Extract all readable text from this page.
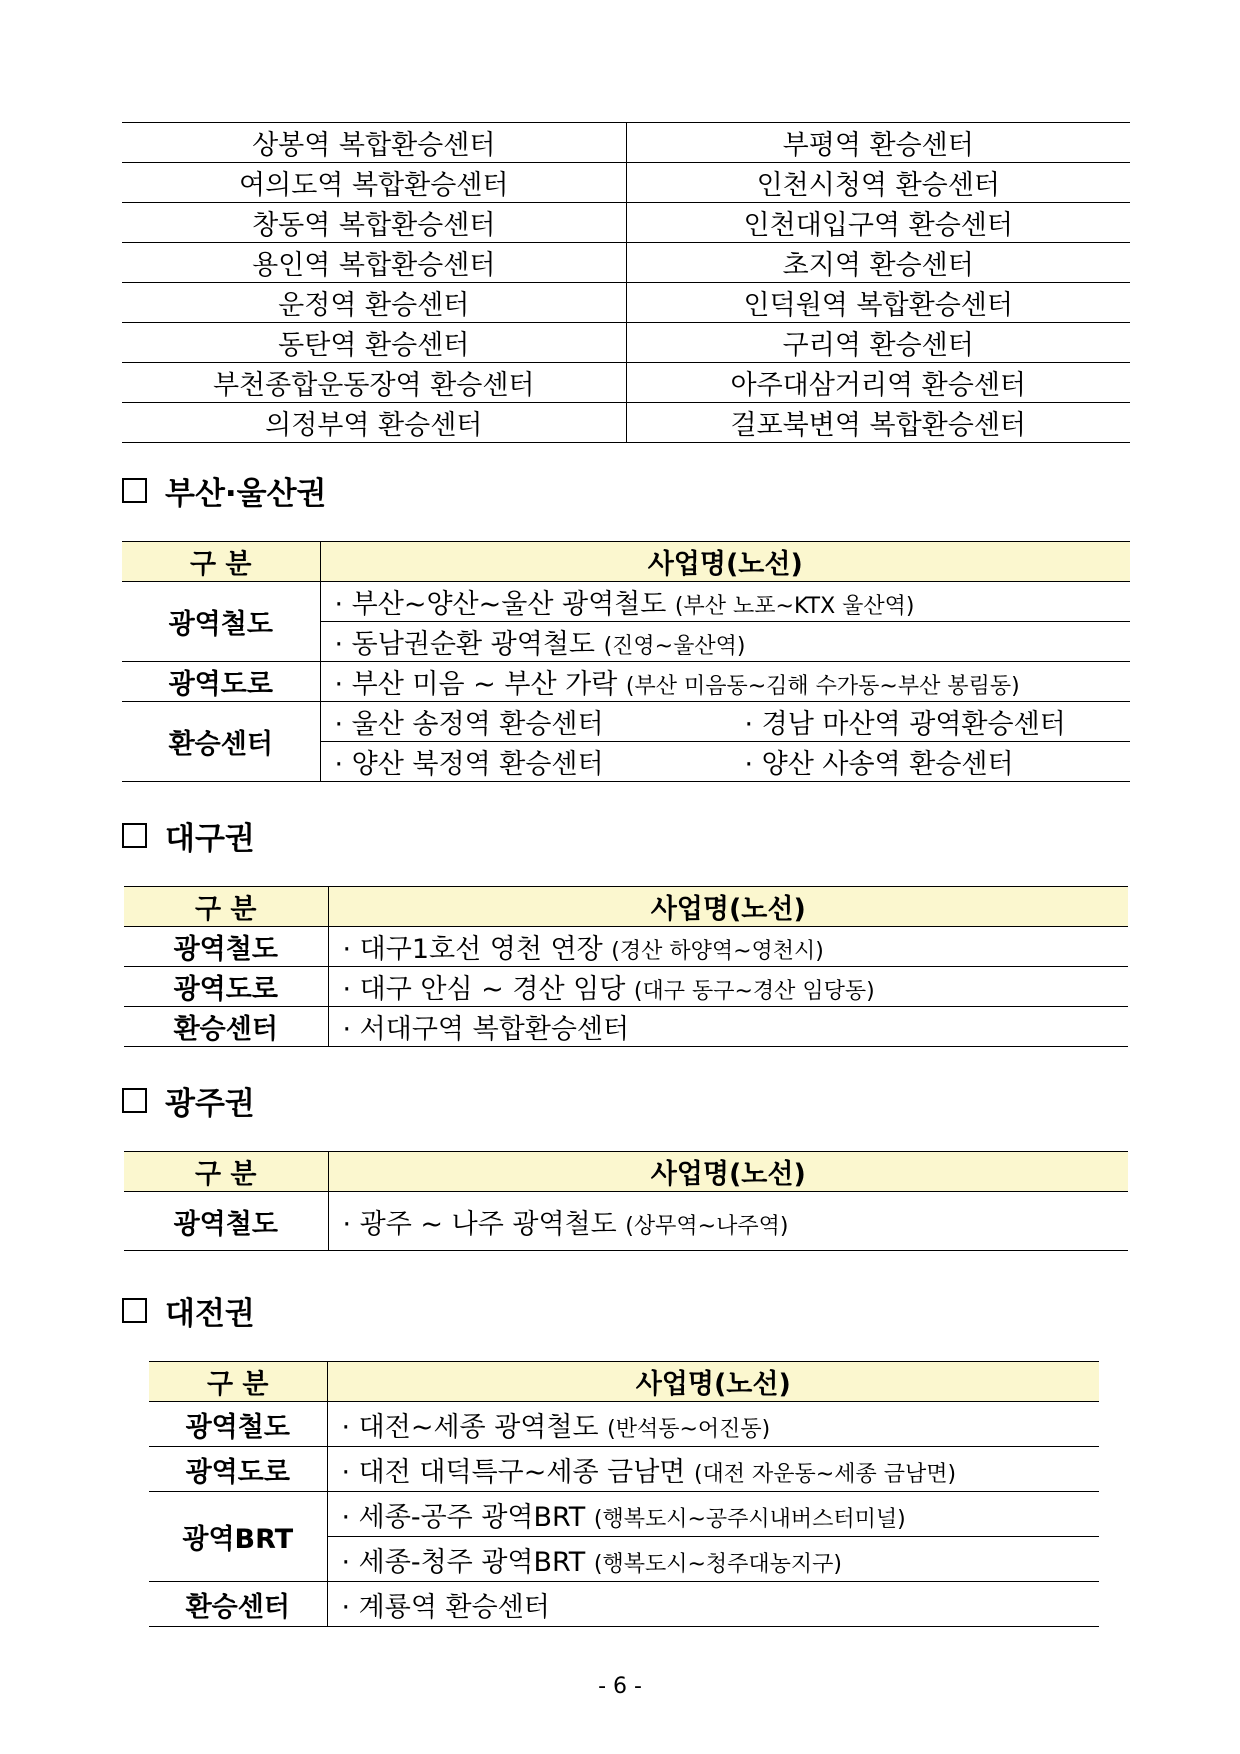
상봉역 복합환승센터	부평역 환승센터
여의도역 복합환승센터	인천시청역 환승센터
창동역 복합환승센터	인천대입구역 환승센터
용인역 복합환승센터	초지역 환승센터
운정역 환승센터	인덕원역 복합환승센터
동탄역 환승센터	구리역 환승센터
부천종합운동장역 환승센터	아주대삼거리역 환승센터
의정부역 환승센터	걸포북변역 복합환승센터
부산·울산권
구 분	사업명(노선)
광역철도	· 부산~양산~울산 광역철도 (부산 노포~KTX 울산역)
	· 동남권순환 광역철도 (진영~울산역)
광역도로	· 부산 미음 ~ 부산 가락 (부산 미음동~김해 수가동~부산 봉림동)
환승센터	· 울산 송정역 환승센터 · 경남 마산역 광역환승센터

	· 양산 북정역 환승센터 · 양산 사송역 환승센터
대구권
구 분	사업명(노선)
광역철도	· 대구1호선 영천 연장 (경산 하양역~영천시)
광역도로	· 대구 안심 ~ 경산 임당 (대구 동구~경산 임당동)
환승센터	· 서대구역 복합환승센터
광주권
구 분	사업명(노선)
광역철도	· 광주 ~ 나주 광역철도 (상무역~나주역)
대전권
구 분	사업명(노선)
광역철도	· 대전~세종 광역철도 (반석동~어진동)
광역도로	· 대전 대덕특구~세종 금남면 (대전 자운동~세종 금남면)
광역BRT	· 세종-공주 광역BRT (행복도시~공주시내버스터미널)
	· 세종-청주 광역BRT (행복도시~청주대농지구)
환승센터	· 계룡역 환승센터
- 6 -
